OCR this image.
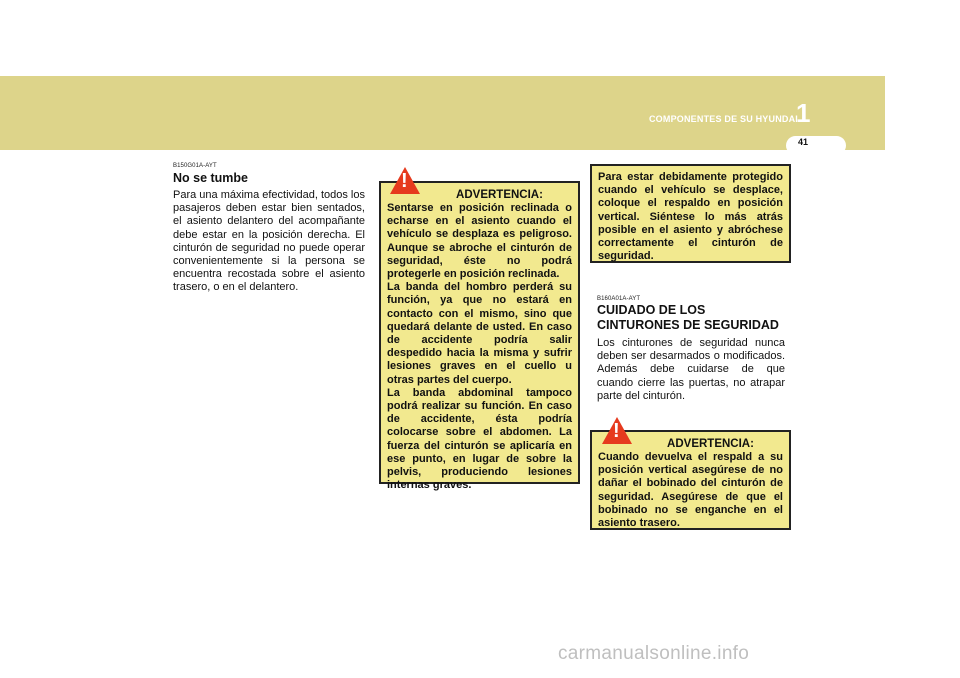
COMPONENTES DE SU HYUNDAI
1
41
B150G01A-AYT
No se tumbe
Para una máxima efectividad, todos los pasajeros deben estar bien sentados, el asiento delantero del acompañante debe estar en la posición derecha. El cinturón de seguridad no puede operar convenientemente si la persona se encuentra recostada sobre el asiento trasero, o en el delantero.
ADVERTENCIA:

Sentarse en posición reclinada o echarse en el asiento cuando el vehículo se desplaza es peligroso. Aunque se abroche el cinturón de seguridad, éste no podrá protegerle en posición reclinada.

La banda del hombro perderá su función, ya que no estará en contacto con el mismo, sino que quedará delante de usted. En caso de accidente podría salir despedido hacia la misma y sufrir lesiones graves en el cuello u otras partes del cuerpo.

La banda abdominal tampoco podrá realizar su función. En caso de accidente, ésta podría colocarse sobre el abdomen. La fuerza del cinturón se aplicaría en ese punto, en lugar de sobre la pelvis, produciendo lesiones internas graves.

!	Para estar debidamente protegido cuando el vehículo se desplace, coloque el respaldo en posición vertical. Siéntese lo más atrás posible en el asiento y abróchese correctamente el cinturón de seguridad.
B160A01A-AYT
CUIDADO DE LOS CINTURONES DE SEGURIDAD
Los cinturones de seguridad nunca deben ser desarmados o modificados. Además debe cuidarse de que cuando cierre las puertas, no atrapar parte del cinturón.
ADVERTENCIA:
Cuando devuelva el respald a su posición vertical asegúrese de no dañar el bobinado del cinturón de seguridad. Asegúrese de que el bobinado no se enganche en el asiento trasero.
!
carmanualsonline.info
